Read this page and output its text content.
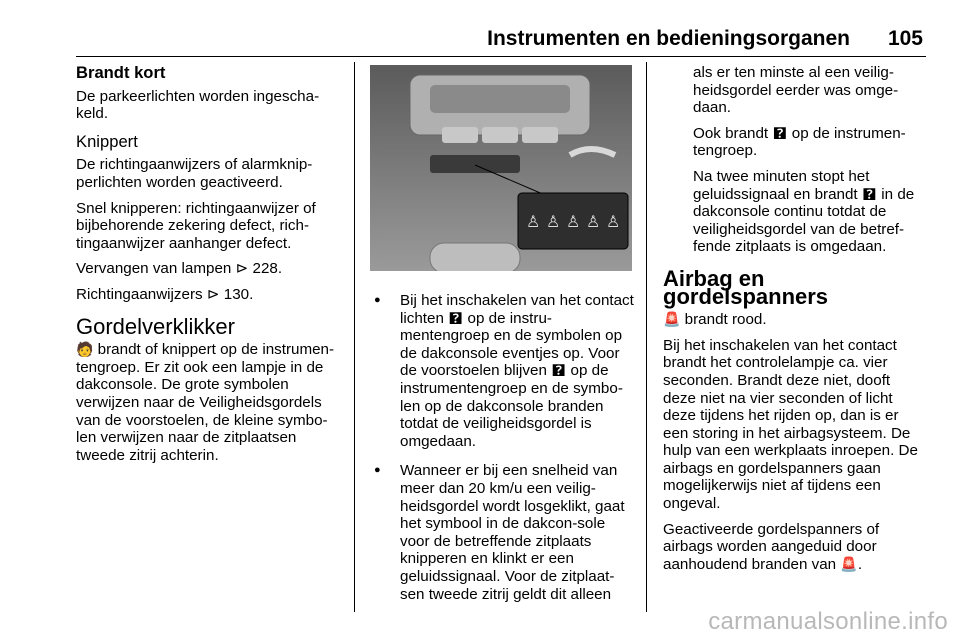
Instrumenten en bedieningsorganen 105
Brandt kort

De parkeerlichten worden ingescha-keld.

Knippert

De richtingaanwijzers of alarmknip-perlichten worden geactiveerd.

Snel knipperen: richtingaanwijzer of bijbehorende zekering defect, rich-tingaanwijzer aanhanger defect.

Vervangen van lampen ⊳ 228.

Richtingaanwijzers ⊳ 130.

Gordelverklikker

🧑 brandt of knippert op de instrumen-tengroep. Er zit ook een lampje in de dakconsole. De grote symbolen verwijzen naar de Veiligheidsgordels van de voorstoelen, de kleine symbo-len verwijzen naar de zitplaatsen tweede zitrij achterin.

♙ ♙ ♙ ♙ ♙
● Bij het inschakelen van het contact lichten 🯄 op de instru-mentengroep en de symbolen op de dakconsole eventjes op. Voor de voorstoelen blijven 🯄 op de instrumentengroep en de symbo-len op de dakconsole branden totdat de veiligheidsgordel is omgedaan.
● Wanneer er bij een snelheid van meer dan 20 km/u een veilig-heidsgordel wordt losgeklikt, gaat het symbool in de dakcon-sole voor de betreffende zitplaats knipperen en klinkt er een geluidssignaal. Voor de zitplaat-sen tweede zitrij geldt dit alleen

als er ten minste al een veilig-heidsgordel eerder was omge-daan.

Ook brandt 🯄 op de instrumen-tengroep.

Na twee minuten stopt het geluidssignaal en brandt 🯄 in de dakconsole continu totdat de veiligheidsgordel van de betref-fende zitplaats is omgedaan.

Airbag en gordelspanners

🚨 brandt rood.

Bij het inschakelen van het contact brandt het controlelampje ca. vier seconden. Brandt deze niet, dooft deze niet na vier seconden of licht deze tijdens het rijden op, dan is er een storing in het airbagsysteem. De hulp van een werkplaats inroepen. De airbags en gordelspanners gaan mogelijkerwijs niet af tijdens een ongeval.

Geactiveerde gordelspanners of airbags worden aangeduid door aanhoudend branden van 🚨.

carmanualsonline.info
